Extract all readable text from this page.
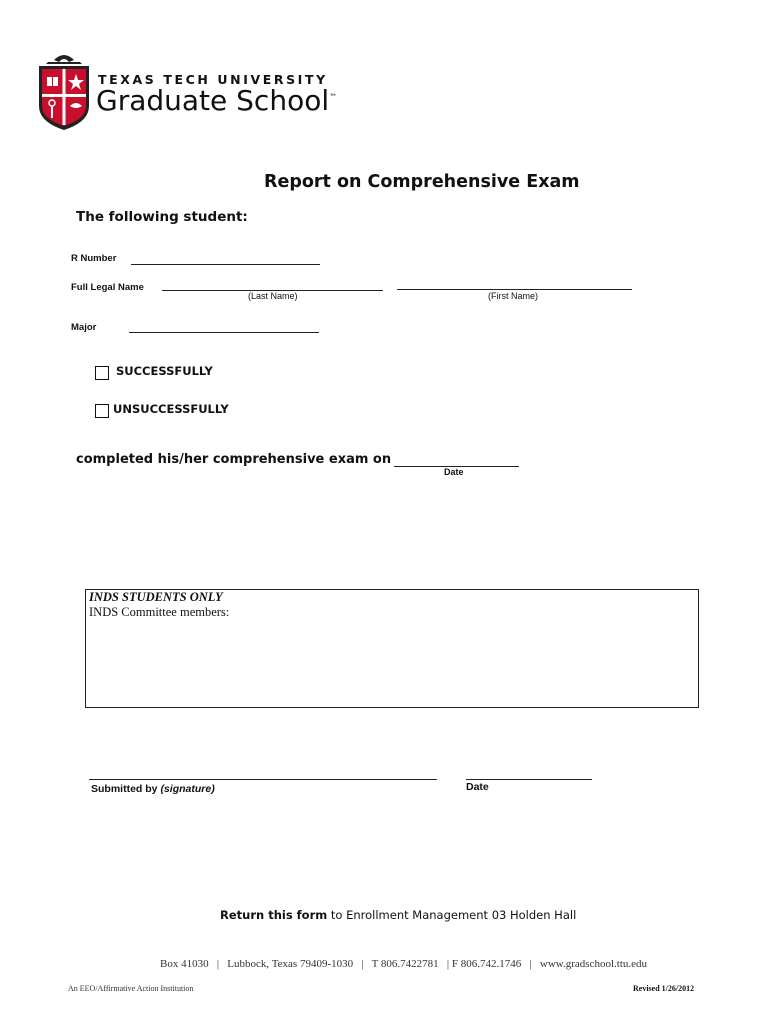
TEXAS TECH UNIVERSITY
Graduate School™
Report on Comprehensive Exam
The following student:
R Number
Full Legal Name
(Last Name)	(First Name)
Major
SUCCESSFULLY
UNSUCCESSFULLY
completed his/her comprehensive exam on
Date
INDS STUDENTS ONLY
INDS Committee members:
Submitted by (signature)	Date
Return this form to Enrollment Management 03 Holden Hall
Box 41030   |   Lubbock, Texas 79409-1030   |   T 806.7422781   | F 806.742.1746   |   www.gradschool.ttu.edu
An EEO/Affirmative Action Institution	Revised 1/26/2012
